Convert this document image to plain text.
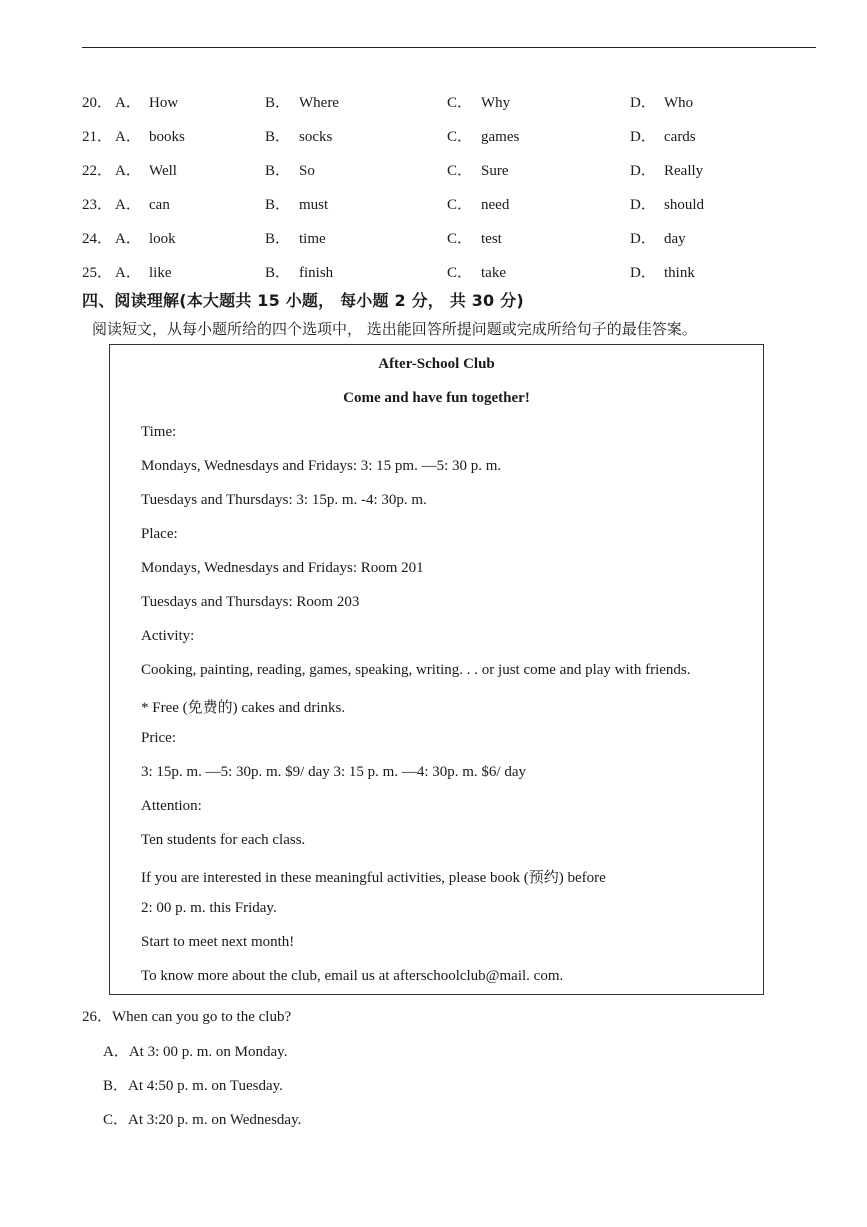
20． A． How	B． Where	C． Why	D． Who
21． A． books	B． socks	C． games	D． cards
22． A． Well	B． So	C． Sure	D． Really
23． A． can	B． must	C． need	D． should
24． A． look	B． time	C． test	D． day
25． A． like	B． finish	C． take	D． think
四、阅读理解(本大题共 15 小题， 每小题 2 分， 共 30 分)
阅读短文，从每小题所给的四个选项中， 选出能回答所提问题或完成所给句子的最佳答案。
After-School Club
Come and have fun together!
Time:
Mondays, Wednesdays and Fridays: 3: 15 pm. —5: 30 p. m.
Tuesdays and Thursdays: 3: 15p. m. -4: 30p. m.
Place:
Mondays, Wednesdays and Fridays: Room 201
Tuesdays and Thursdays: Room 203
Activity:
Cooking, painting, reading, games, speaking, writing. . . or just come and play with friends.
* Free (免费的) cakes and drinks.
Price:
3: 15p. m. —5: 30p. m. $9/ day 3: 15 p. m. —4: 30p. m. $6/ day
Attention:
Ten students for each class.
If you are interested in these meaningful activities, please book (预约) before
2: 00 p. m. this Friday.
Start to meet next month!
To know more about the club, email us at afterschoolclub@mail. com.
26．When can you go to the club?
A．At 3: 00 p. m. on Monday.
B．At 4:50 p. m. on Tuesday.
C．At 3:20 p. m. on Wednesday.
